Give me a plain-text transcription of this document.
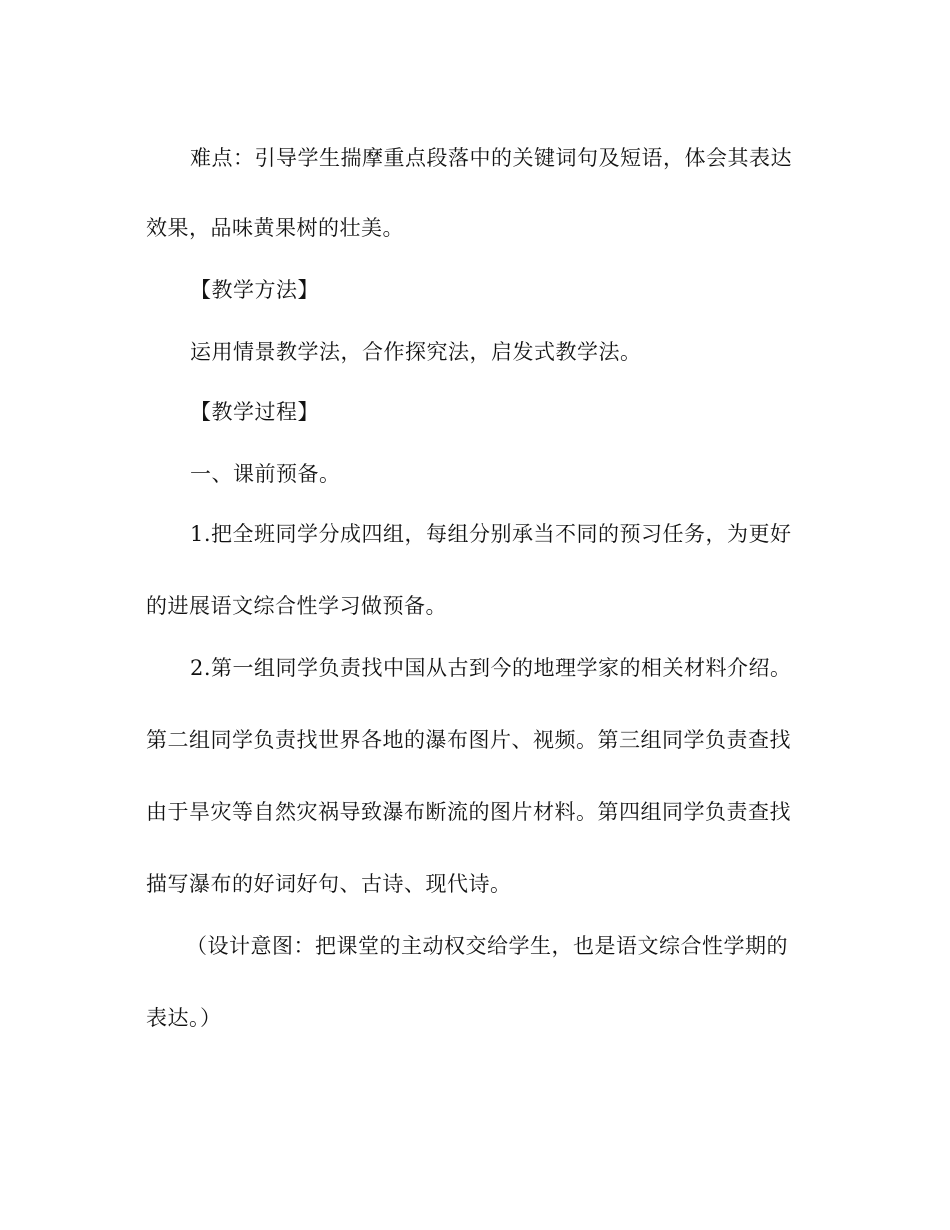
难点：引导学生揣摩重点段落中的关键词句及短语，体会其表达
效果，品味黄果树的壮美。
【教学方法】
运用情景教学法，合作探究法，启发式教学法。
【教学过程】
一、课前预备。
1.把全班同学分成四组，每组分别承当不同的预习任务，为更好
的进展语文综合性学习做预备。
2.第一组同学负责找中国从古到今的地理学家的相关材料介绍。
第二组同学负责找世界各地的瀑布图片、视频。第三组同学负责查找
由于旱灾等自然灾祸导致瀑布断流的图片材料。第四组同学负责查找
描写瀑布的好词好句、古诗、现代诗。
（设计意图：把课堂的主动权交给学生，也是语文综合性学期的
表达。）
